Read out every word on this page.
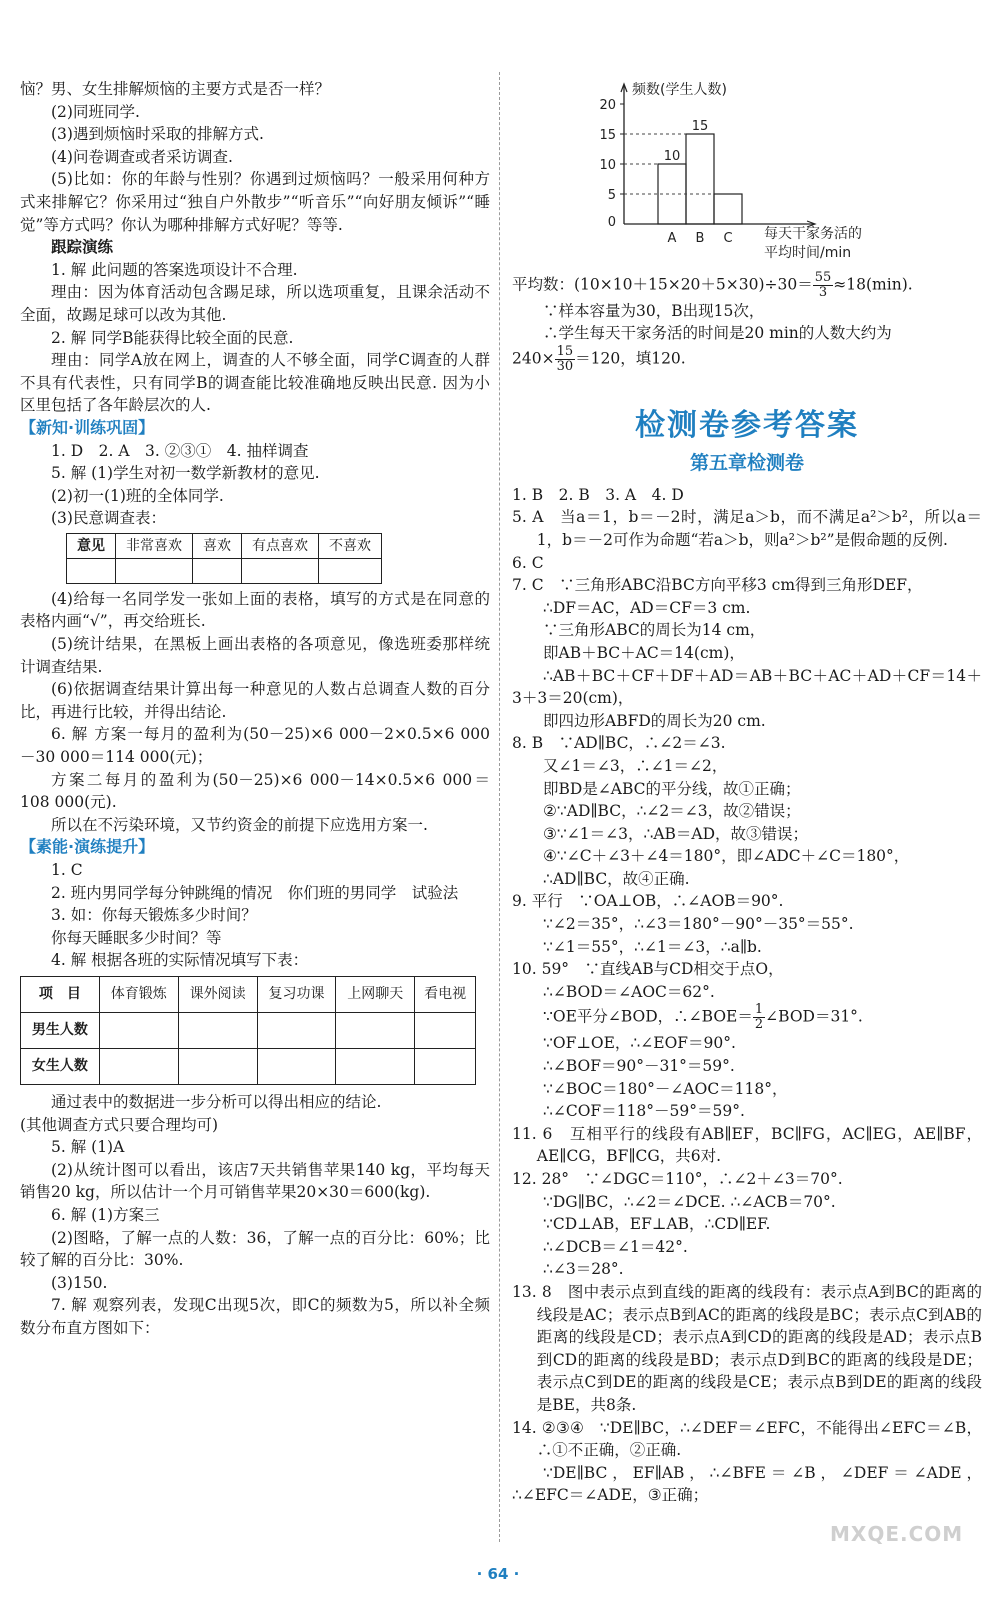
恼？男、女生排解烦恼的主要方式是否一样？

(2)同班同学.

(3)遇到烦恼时采取的排解方式.

(4)问卷调查或者采访调查.

(5)比如：你的年龄与性别？你遇到过烦恼吗？一般采用何种方式来排解它？你采用过“独自户外散步”“听音乐”“向好朋友倾诉”“睡觉”等方式吗？你认为哪种排解方式好呢？等等.

跟踪演练

1. 解 此问题的答案选项设计不合理.

理由：因为体育活动包含踢足球，所以选项重复，且课余活动不全面，故踢足球可以改为其他.

2. 解 同学B能获得比较全面的民意.

理由：同学A放在网上，调查的人不够全面，同学C调查的人群不具有代表性，只有同学B的调查能比较准确地反映出民意. 因为小区里包括了各年龄层次的人.

【新知·训练巩固】

1. D　2. A　3. ②③①　4. 抽样调查

5. 解 (1)学生对初一数学新教材的意见.

(2)初一(1)班的全体同学.

(3)民意调查表：

意见	非常喜欢	喜欢	有点喜欢	不喜欢

(4)给每一名同学发一张如上面的表格，填写的方式是在同意的表格内画“√”，再交给班长.

(5)统计结果，在黑板上画出表格的各项意见，像选班委那样统计调查结果.

(6)依据调查结果计算出每一种意见的人数占总调查人数的百分比，再进行比较，并得出结论.

6. 解 方案一每月的盈利为(50－25)×6 000－2×0.5×6 000－30 000＝114 000(元)；

方案二每月的盈利为(50－25)×6 000－14×0.5×6 000＝108 000(元).

所以在不污染环境，又节约资金的前提下应选用方案一.

【素能·演练提升】

1. C

2. 班内男同学每分钟跳绳的情况　你们班的男同学　试验法

3. 如：你每天锻炼多少时间？

你每天睡眠多少时间？等

4. 解 根据各班的实际情况填写下表：

项　目	体育锻炼	课外阅读	复习功课	上网聊天	看电视
男生人数					
女生人数					

通过表中的数据进一步分析可以得出相应的结论.

(其他调查方式只要合理均可)

5. 解 (1)A

(2)从统计图可以看出，该店7天共销售苹果140 kg，平均每天销售20 kg，所以估计一个月可销售苹果20×30＝600(kg).

6. 解 (1)方案三

(2)图略，了解一点的人数：36，了解一点的百分比：60%；比较了解的百分比：30%.

(3)150.

7. 解 观察列表，发现C出现5次，即C的频数为5，所以补全频数分布直方图如下：

0
5
10
15
20
A
10
B
15
C
频数(学生人数)
每天干家务活的
平均时间/min

平均数：$(10\times 10+15\times 20+5\times 30)\div 30= \frac{55}{3} \approx 18(\min)$.

∵样本容量为30，B出现15次，

∴学生每天干家务活的时间是20 min的人数大约为

$240\times \frac{15}{30} =120$，填120.

检测卷参考答案
第五章检测卷

1. B　2. B　3. A　4. D

5. A　当a＝1，b＝－2时，满足a＞b，而不满足a²＞b²，所以a＝1，b＝－2可作为命题“若a＞b，则a²＞b²”是假命题的反例.

6. C

7. C　∵三角形ABC沿BC方向平移3 cm得到三角形DEF，

∴DF＝AC，AD＝CF＝3 cm.

∵三角形ABC的周长为14 cm，

即AB＋BC＋AC＝14(cm)，

∴AB＋BC＋CF＋DF＋AD＝AB＋BC＋AC＋AD＋CF＝14＋3＋3＝20(cm)，

即四边形ABFD的周长为20 cm.

8. B　∵AD∥BC，∴∠2＝∠3.

又∠1＝∠3，∴∠1＝∠2，

即BD是∠ABC的平分线，故①正确；

②∵AD∥BC，∴∠2＝∠3，故②错误；

③∵∠1＝∠3，∴AB＝AD，故③错误；

④∵∠C＋∠3＋∠4＝180°，即∠ADC＋∠C＝180°，

∴AD∥BC，故④正确.

9. 平行　∵OA⊥OB，∴∠AOB＝90°.

∵∠2＝35°，∴∠3＝180°－90°－35°＝55°.

∵∠1＝55°，∴∠1＝∠3，∴a∥b.

10. 59°　∵直线AB与CD相交于点O，

∴∠BOD＝∠AOC＝62°.

∵OE平分∠BOD，∴∠BOE＝ $\frac{1}{2}$ ∠BOD＝31°.

∵OF⊥OE，∴∠EOF＝90°.

∴∠BOF＝90°－31°＝59°.

∵∠BOC＝180°－∠AOC＝118°，

∴∠COF＝118°－59°＝59°.

11. 6　互相平行的线段有AB∥EF，BC∥FG，AC∥EG，AE∥BF，AE∥CG，BF∥CG，共6对.

12. 28°　∵∠DGC＝110°，∴∠2＋∠3＝70°.

∵DG∥BC，∴∠2＝∠DCE. ∴∠ACB＝70°.

∵CD⊥AB，EF⊥AB，∴CD∥EF.

∴∠DCB＝∠1＝42°.

∴∠3＝28°.

13. 8　图中表示点到直线的距离的线段有：表示点A到BC的距离的线段是AC；表示点B到AC的距离的线段是BC；表示点C到AB的距离的线段是CD；表示点A到CD的距离的线段是AD；表示点B到CD的距离的线段是BD；表示点D到BC的距离的线段是DE；表示点C到DE的距离的线段是CE；表示点B到DE的距离的线段是BE，共8条.

14. ②③④　∵DE∥BC，∴∠DEF＝∠EFC，不能得出∠EFC＝∠B，∴①不正确，②正确.

∵DE∥BC，EF∥AB，∴∠BFE＝∠B，∠DEF＝∠ADE，∴∠EFC＝∠ADE，③正确；

MXQE.COM
· 64 ·
